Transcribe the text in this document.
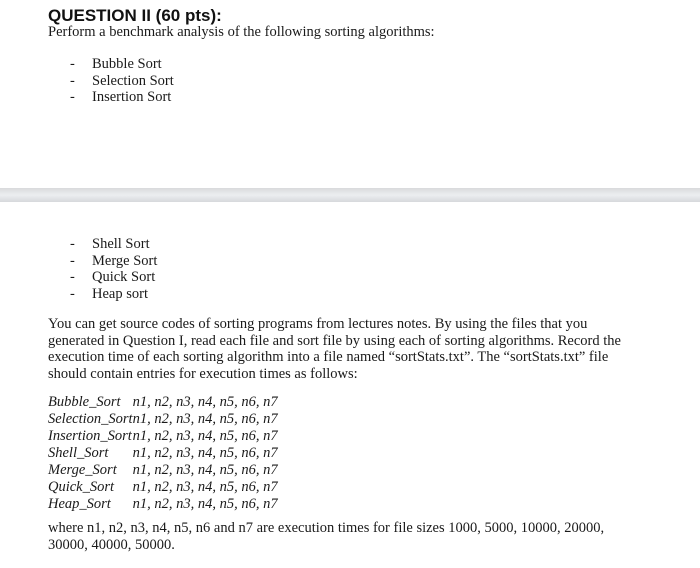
QUESTION II (60 pts):
Perform a benchmark analysis of the following sorting algorithms:
- Bubble Sort
- Selection Sort
- Insertion Sort
- Shell Sort
- Merge Sort
- Quick Sort
- Heap sort
You can get source codes of sorting programs from lectures notes. By using the files that you
generated in Question I, read each file and sort file by using each of sorting algorithms. Record the
execution time of each sorting algorithm into a file named “sortStats.txt”. The “sortStats.txt” file
should contain entries for execution times as follows:
Bubble_Sort	n1, n2, n3, n4, n5, n6, n7
Selection_Sort	n1, n2, n3, n4, n5, n6, n7
Insertion_Sort	n1, n2, n3, n4, n5, n6, n7
Shell_Sort	n1, n2, n3, n4, n5, n6, n7
Merge_Sort	n1, n2, n3, n4, n5, n6, n7
Quick_Sort	n1, n2, n3, n4, n5, n6, n7
Heap_Sort	n1, n2, n3, n4, n5, n6, n7
where n1, n2, n3, n4, n5, n6 and n7 are execution times for file sizes 1000, 5000, 10000, 20000,
30000, 40000, 50000.
